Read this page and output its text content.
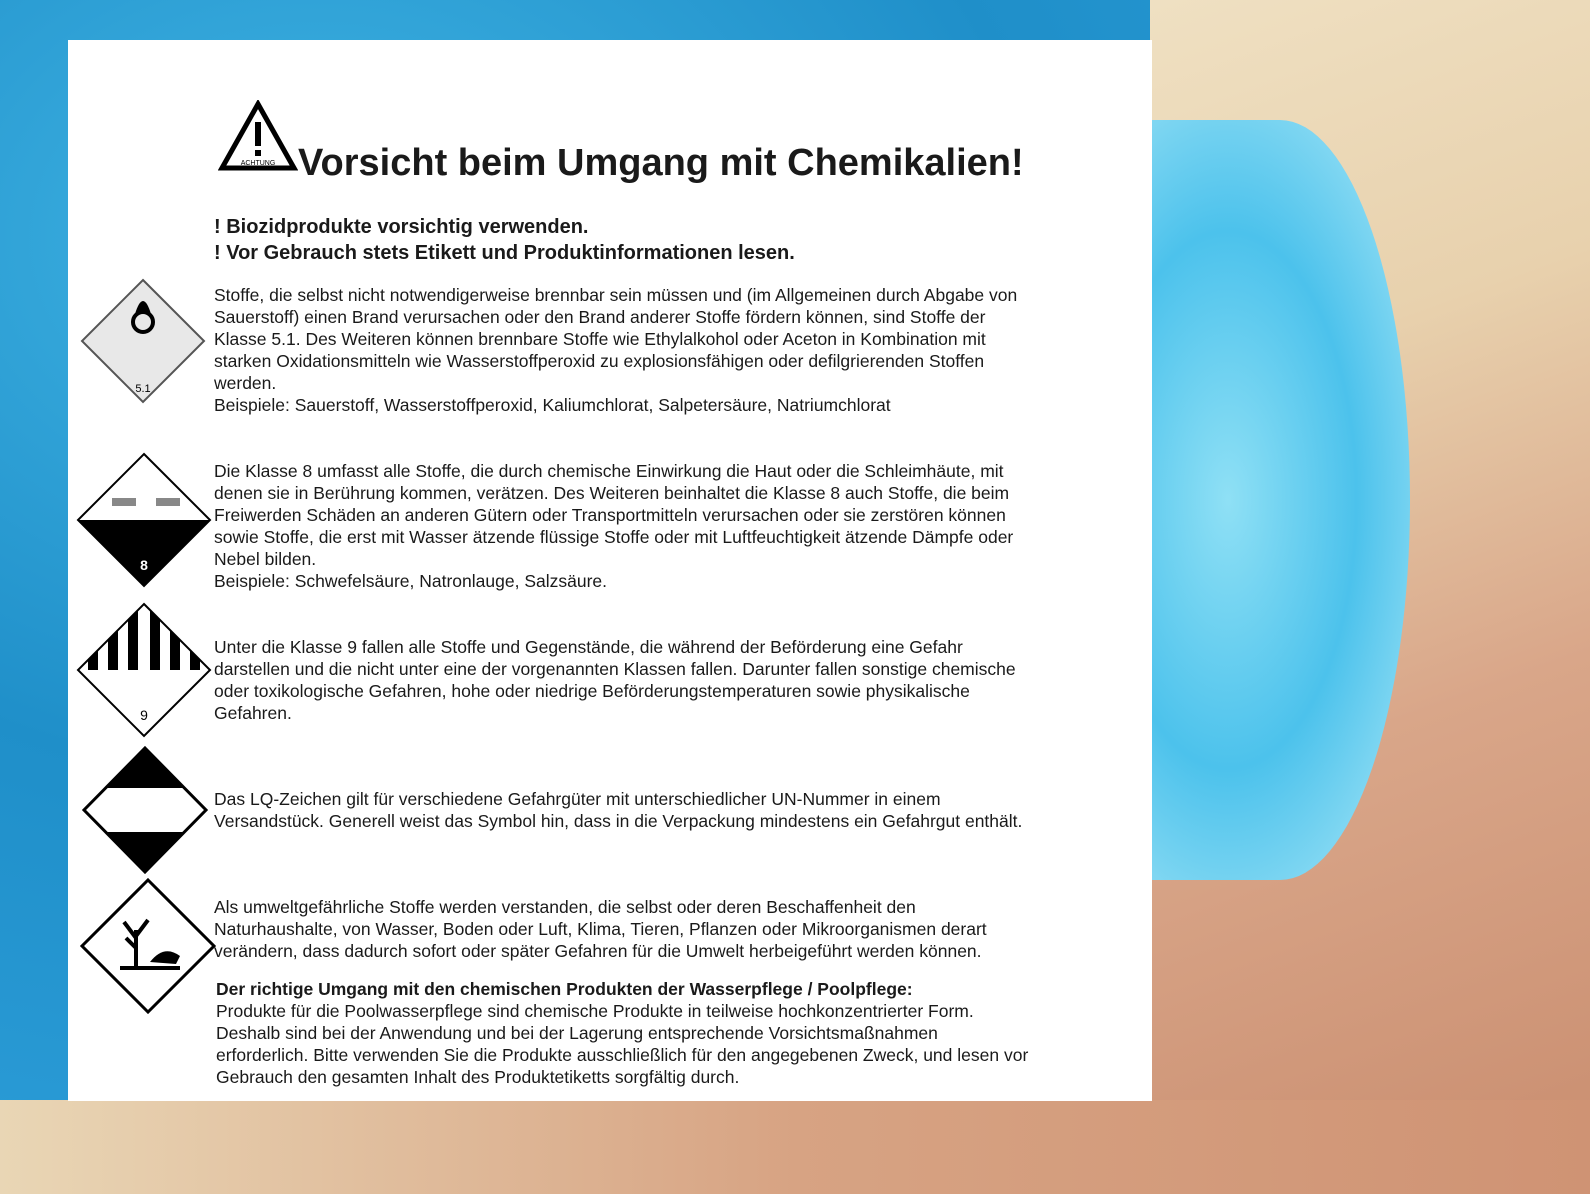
ACHTUNG Vorsicht beim Umgang mit Chemikalien!
! Biozidprodukte vorsichtig verwenden.
! Vor Gebrauch stets Etikett und Produktinformationen lesen.
5.1
Stoffe, die selbst nicht notwendigerweise brennbar sein müssen und (im Allgemeinen durch Abgabe von
Sauerstoff) einen Brand verursachen oder den Brand anderer Stoffe fördern können, sind Stoffe der
Klasse 5.1. Des Weiteren können brennbare Stoffe wie Ethylalkohol oder Aceton in Kombination mit
starken Oxidationsmitteln wie Wasserstoffperoxid zu explosionsfähigen oder defilgrierenden Stoffen
werden.
Beispiele: Sauerstoff, Wasserstoffperoxid, Kaliumchlorat, Salpetersäure, Natriumchlorat
8
Die Klasse 8 umfasst alle Stoffe, die durch chemische Einwirkung die Haut oder die Schleimhäute, mit
denen sie in Berührung kommen, verätzen. Des Weiteren beinhaltet die Klasse 8 auch Stoffe, die beim
Freiwerden Schäden an anderen Gütern oder Transportmitteln verursachen oder sie zerstören können
sowie Stoffe, die erst mit Wasser ätzende flüssige Stoffe oder mit Luftfeuchtigkeit ätzende Dämpfe oder
Nebel bilden.
Beispiele: Schwefelsäure, Natronlauge, Salzsäure.
9
Unter die Klasse 9 fallen alle Stoffe und Gegenstände, die während der Beförderung eine Gefahr
darstellen und die nicht unter eine der vorgenannten Klassen fallen. Darunter fallen sonstige chemische
oder toxikologische Gefahren, hohe oder niedrige Beförderungstemperaturen sowie physikalische
Gefahren.
Das LQ-Zeichen gilt für verschiedene Gefahrgüter mit unterschiedlicher UN-Nummer in einem
Versandstück. Generell weist das Symbol hin, dass in die Verpackung mindestens ein Gefahrgut enthält.
Als umweltgefährliche Stoffe werden verstanden, die selbst oder deren Beschaffenheit den
Naturhaushalte, von Wasser, Boden oder Luft, Klima, Tieren, Pflanzen oder Mikroorganismen derart
verändern, dass dadurch sofort oder später Gefahren für die Umwelt herbeigeführt werden können.
Der richtige Umgang mit den chemischen Produkten der Wasserpflege / Poolpflege:
Produkte für die Poolwasserpflege sind chemische Produkte in teilweise hochkonzentrierter Form.
Deshalb sind bei der Anwendung und bei der Lagerung entsprechende Vorsichtsmaßnahmen
erforderlich. Bitte verwenden Sie die Produkte ausschließlich für den angegebenen Zweck, und lesen vor
Gebrauch den gesamten Inhalt des Produktetiketts sorgfältig durch.
